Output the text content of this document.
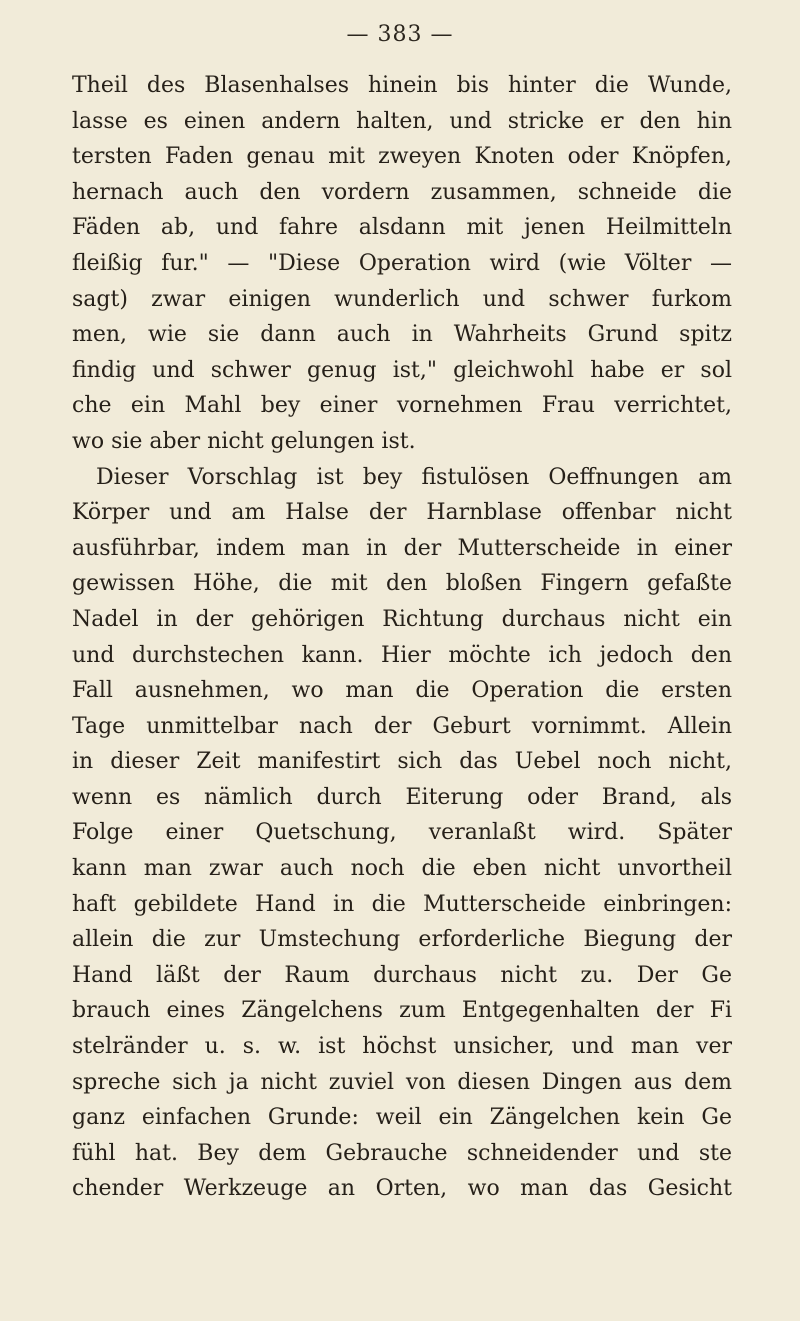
— 383 —
Theil des Blasenhalses hinein bis hinter die Wunde,
lasse es einen andern halten, und stricke er den hin
tersten Faden genau mit zweyen Knoten oder Knöpfen,
hernach auch den vordern zusammen, schneide die
Fäden ab, und fahre alsdann mit jenen Heilmitteln
fleißig fur." — "Diese Operation wird (wie Völter —
sagt) zwar einigen wunderlich und schwer furkom
men, wie sie dann auch in Wahrheits Grund spitz
findig und schwer genug ist," gleichwohl habe er sol
che ein Mahl bey einer vornehmen Frau verrichtet,
wo sie aber nicht gelungen ist.
Dieser Vorschlag ist bey fistulösen Oeffnungen am
Körper und am Halse der Harnblase offenbar nicht
ausführbar, indem man in der Mutterscheide in einer
gewissen Höhe, die mit den bloßen Fingern gefaßte
Nadel in der gehörigen Richtung durchaus nicht ein
und durchstechen kann. Hier möchte ich jedoch den
Fall ausnehmen, wo man die Operation die ersten
Tage unmittelbar nach der Geburt vornimmt. Allein
in dieser Zeit manifestirt sich das Uebel noch nicht,
wenn es nämlich durch Eiterung oder Brand, als
Folge einer Quetschung, veranlaßt wird. Später
kann man zwar auch noch die eben nicht unvortheil
haft gebildete Hand in die Mutterscheide einbringen:
allein die zur Umstechung erforderliche Biegung der
Hand läßt der Raum durchaus nicht zu. Der Ge
brauch eines Zängelchens zum Entgegenhalten der Fi
stelränder u. s. w. ist höchst unsicher, und man ver
spreche sich ja nicht zuviel von diesen Dingen aus dem
ganz einfachen Grunde: weil ein Zängelchen kein Ge
fühl hat. Bey dem Gebrauche schneidender und ste
chender Werkzeuge an Orten, wo man das Gesicht
